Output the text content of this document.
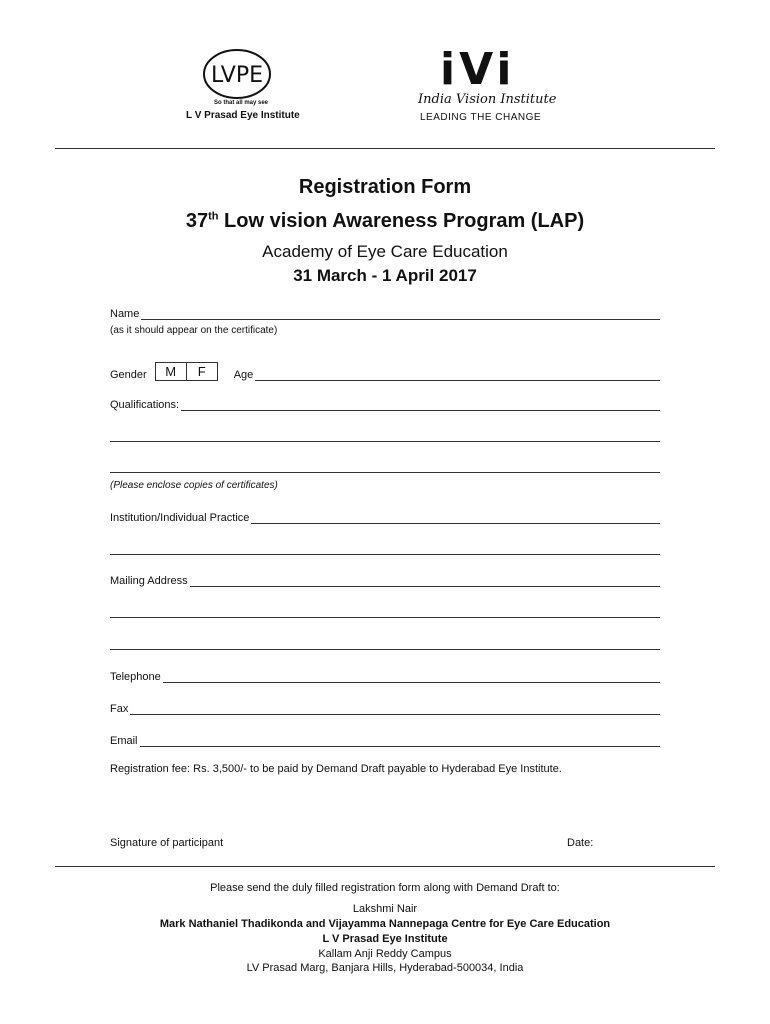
LVPE
So that all may see
L V Prasad Eye Institute
iVi
India Vision Institute
LEADING THE CHANGE
Registration Form
37th Low vision Awareness Program (LAP)
Academy of Eye Care Education
31 March - 1 April 2017
Name
(as it should appear on the certificate)
Gender	M	F	Age
Qualifications:
(Please enclose copies of certificates)
Institution/Individual Practice
Mailing Address
Telephone
Fax
Email
Registration fee: Rs. 3,500/- to be paid by Demand Draft payable to Hyderabad Eye Institute.
Signature of participant	Date:
Please send the duly filled registration form along with Demand Draft to:
Lakshmi Nair
Mark Nathaniel Thadikonda and Vijayamma Nannepaga Centre for Eye Care Education
L V Prasad Eye Institute
Kallam Anji Reddy Campus
LV Prasad Marg, Banjara Hills, Hyderabad-500034, India
